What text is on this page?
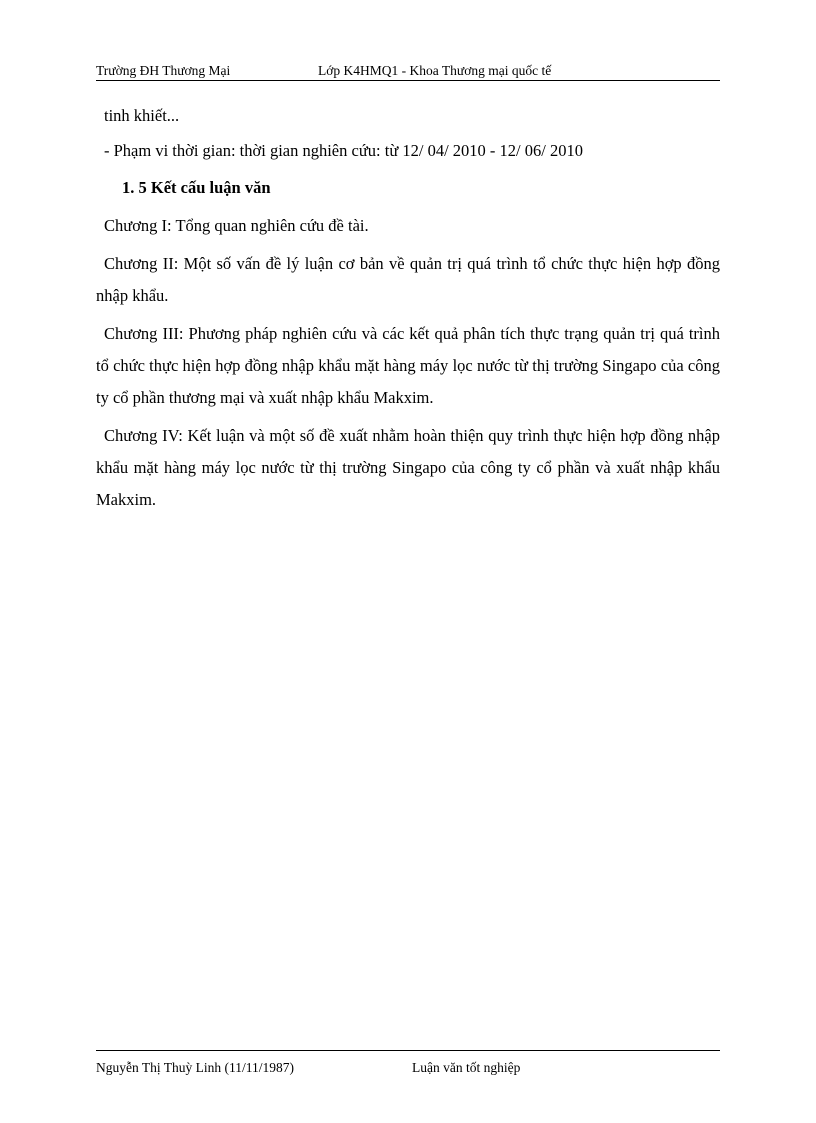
Trường ĐH Thương Mại	Lớp K4HMQ1 - Khoa Thương mại quốc tế

tinh khiết...

- Phạm vi thời gian: thời gian nghiên cứu: từ 12/ 04/ 2010 - 12/ 06/ 2010

1. 5 Kết cấu luận văn

Chương I: Tổng quan nghiên cứu đề tài.

Chương II: Một số vấn đề lý luận cơ bản về quản trị quá trình tổ chức thực hiện hợp đồng nhập khẩu.

Chương III: Phương pháp nghiên cứu và các kết quả phân tích thực trạng quản trị quá trình tổ chức thực hiện hợp đồng nhập khẩu mặt hàng máy lọc nước từ thị trường Singapo của công ty cổ phần thương mại và xuất nhập khẩu Makxim.

Chương IV: Kết luận và một số đề xuất nhằm hoàn thiện quy trình thực hiện hợp đồng nhập khẩu mặt hàng máy lọc nước từ thị trường Singapo của công ty cổ phần và xuất nhập khẩu Makxim.

Nguyễn Thị Thuỳ Linh (11/11/1987)	Luận văn tốt nghiệp
